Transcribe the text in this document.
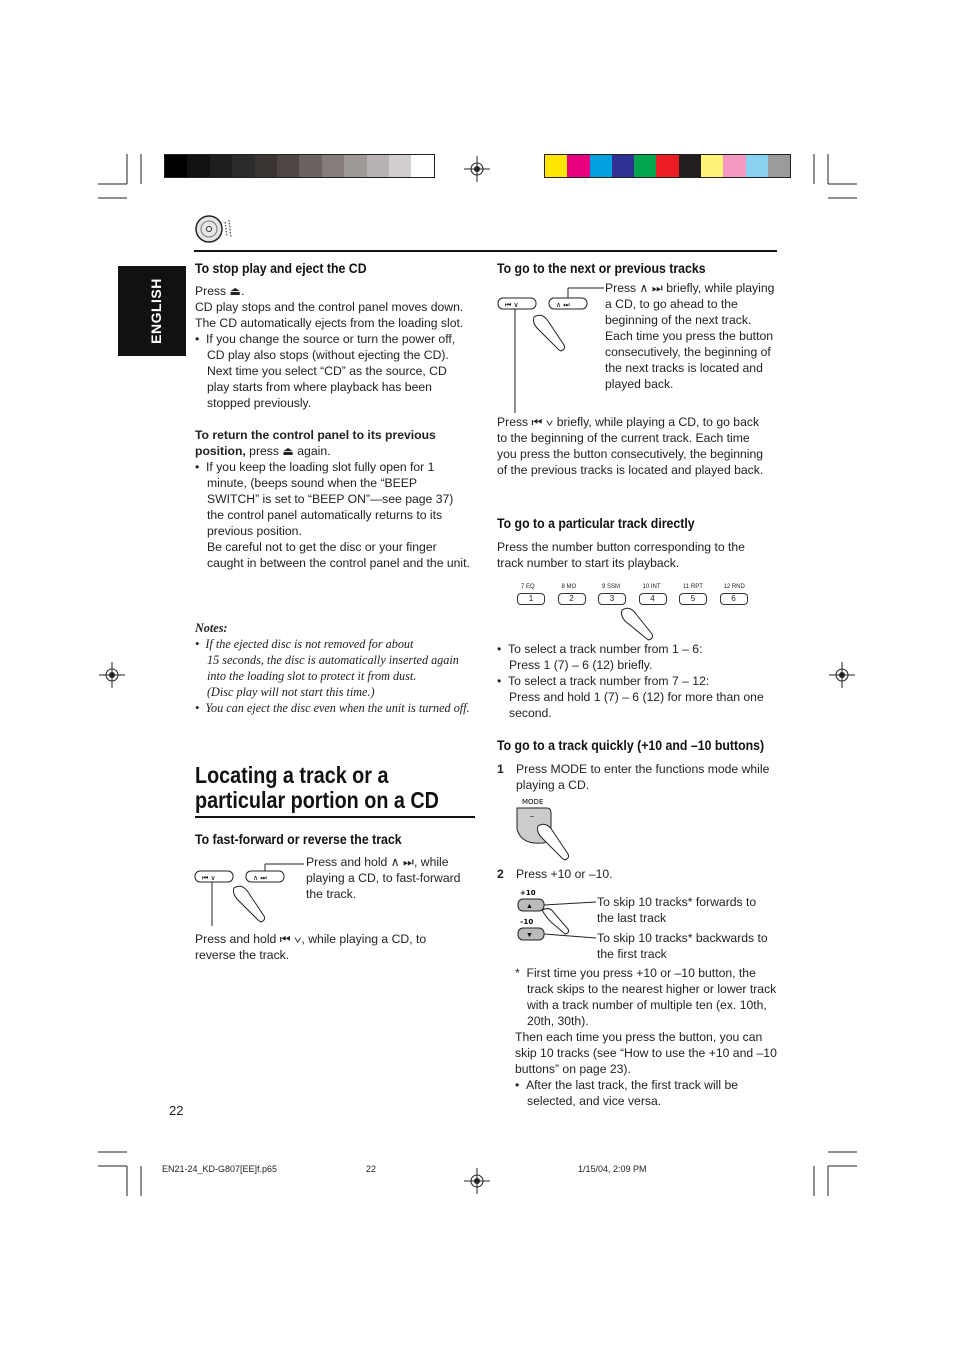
ENGLISH
To stop play and eject the CD
Press ⏏.
CD play stops and the control panel moves down. The CD automatically ejects from the loading slot.
•  If you change the source or turn the power off, CD play also stops (without ejecting the CD). Next time you select “CD” as the source, CD play starts from where playback has been stopped previously.
To return the control panel to its previous position, press ⏏ again.
•  If you keep the loading slot fully open for 1 minute, (beeps sound when the “BEEP SWITCH” is set to “BEEP ON”—see page 37) the control panel automatically returns to its previous position.
Be careful not to get the disc or your finger caught in between the control panel and the unit.
Notes:
•  If the ejected disc is not removed for about
15 seconds, the disc is automatically inserted again into the loading slot to protect it from dust.
(Disc play will not start this time.)
•  You can eject the disc even when the unit is turned off.
Locating a track or a particular portion on a CD
To fast-forward or reverse the track
⏮ ∨	∧ ⏭
Press and hold ∧ ⏭, while playing a CD, to fast-forward the track.
Press and hold ⏮ ∨, while playing a CD, to reverse the track.
22
To go to the next or previous tracks
⏮ ∨	∧ ⏭
Press ∧ ⏭ briefly, while playing a CD, to go ahead to the beginning of the next track. Each time you press the button consecutively, the beginning of the next tracks is located and played back.
Press ⏮ ∨ briefly, while playing a CD, to go back to the beginning of the current track. Each time you press the button consecutively, the beginning of the previous tracks is located and played back.
To go to a particular track directly
Press the number button corresponding to the track number to start its playback.
7 EQ
1
8 MO
2
9 SSM
3
10 INT
4
11 RPT
5
12 RND
6
•  To select a track number from 1 – 6:
Press 1 (7) – 6 (12) briefly.
•  To select a track number from 7 – 12:
Press and hold 1 (7) – 6 (12) for more than one second.
To go to a track quickly (+10 and –10 buttons)
1	Press MODE to enter the functions mode while playing a CD.
MODE
–
2	Press +10 or –10.
+10
▲
–10
▼
To skip 10 tracks* forwards to the last track
To skip 10 tracks* backwards to the first track
* First time you press +10 or –10 button, the track skips to the nearest higher or lower track with a track number of multiple ten (ex. 10th, 20th, 30th).
Then each time you press the button, you can skip 10 tracks (see “How to use the +10 and –10 buttons” on page 23).
•  After the last track, the first track will be selected, and vice versa.
EN21-24_KD-G807[EE]f.p65	22	1/15/04, 2:09 PM
